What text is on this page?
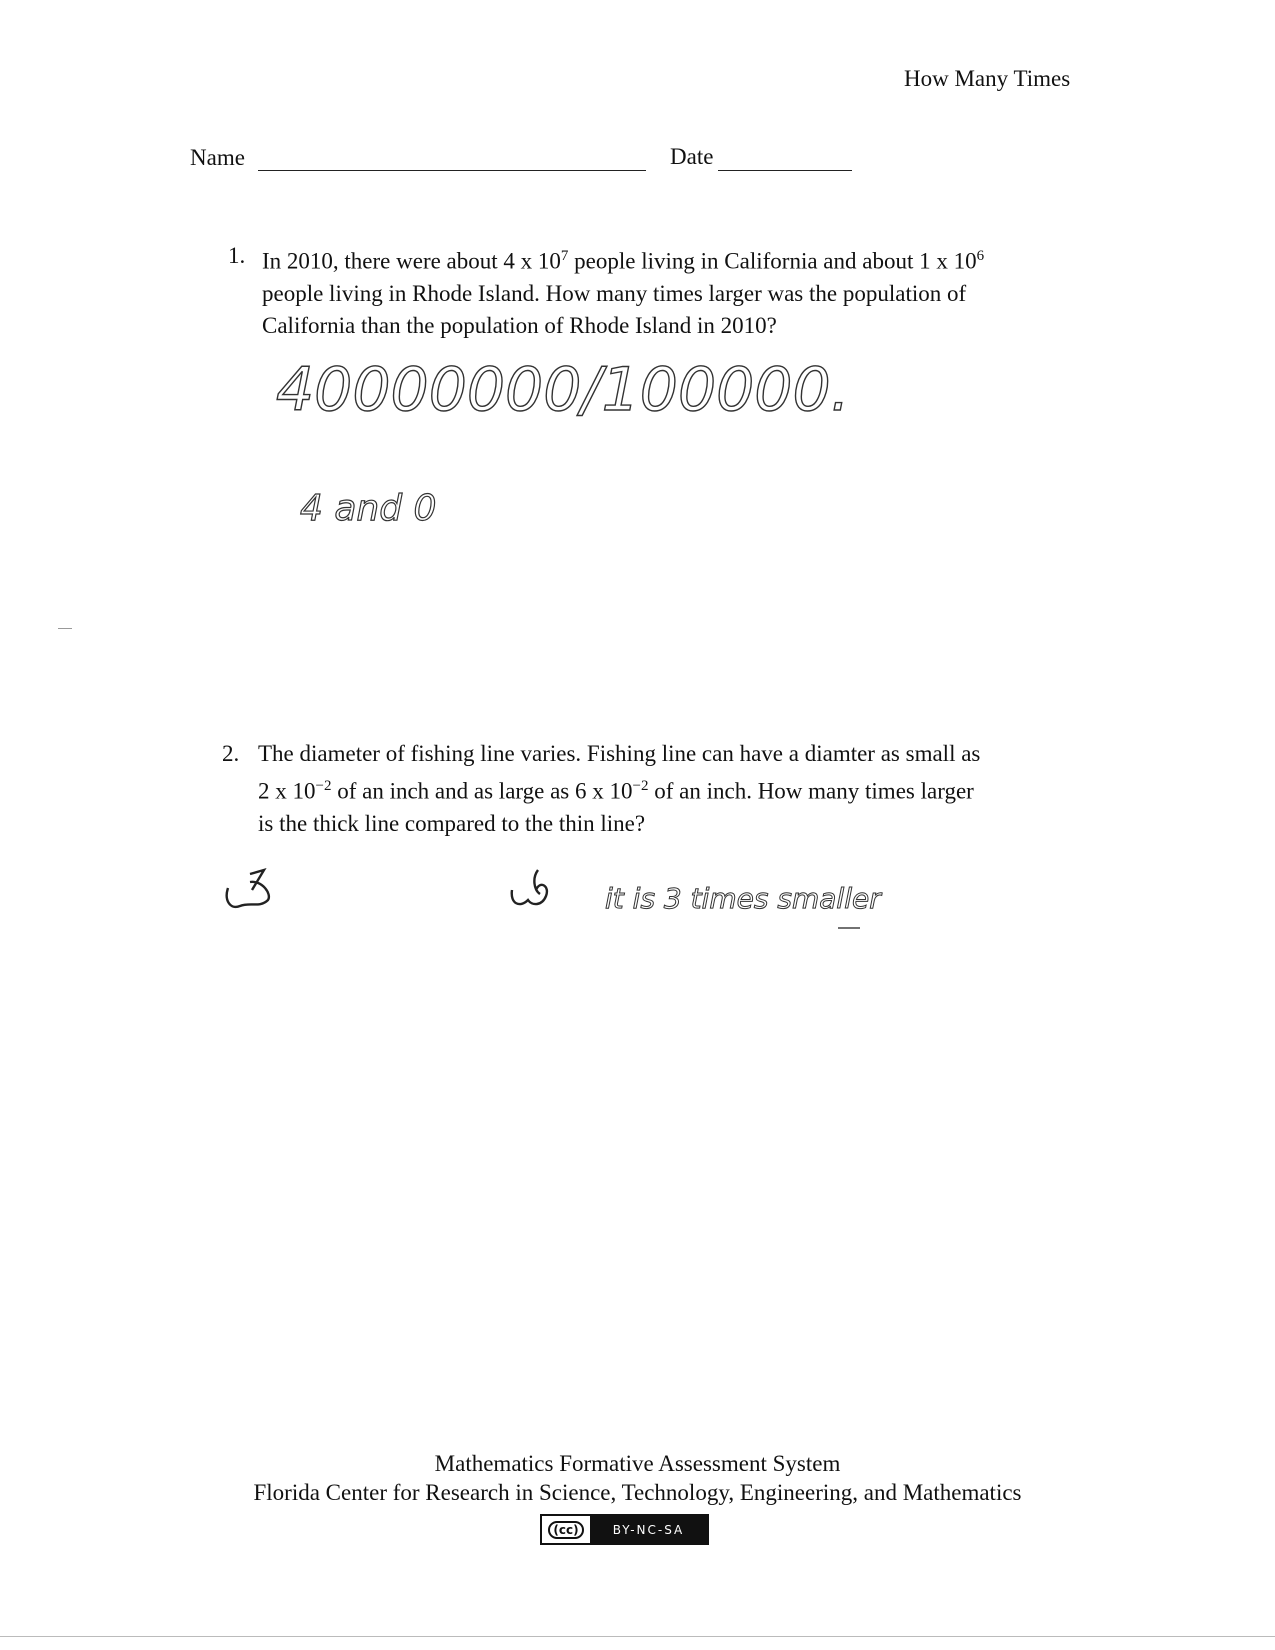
How Many Times
Name	Date
1. In 2010, there were about 4 x $10^7$ people living in California and about 1 x $10^6$
people living in Rhode Island. How many times larger was the population of
California than the population of Rhode Island in 2010?
40000000/100000.
4 and 0
2. The diameter of fishing line varies. Fishing line can have a diamter as small as
2 x $10^{-2}$ of an inch and as large as 6 x $10^{-2}$ of an inch. How many times larger
is the thick line compared to the thin line?
it is 3 times smaller
Mathematics Formative Assessment System
Florida Center for Research in Science, Technology, Engineering, and Mathematics
(cc)	BY-NC-SA
